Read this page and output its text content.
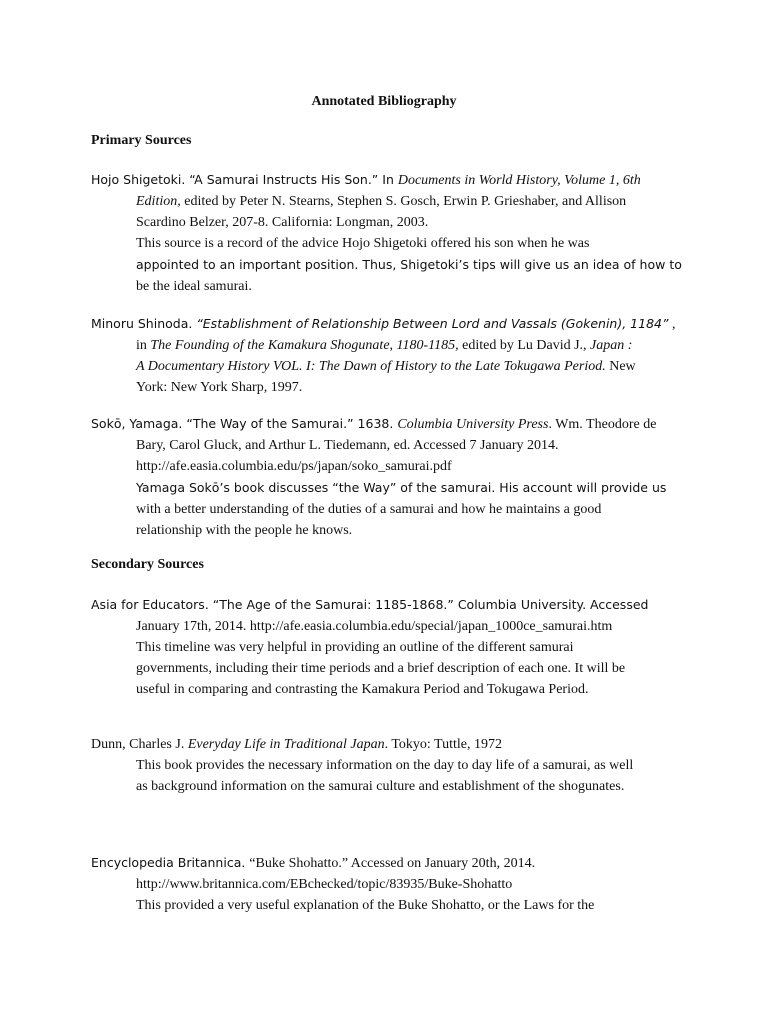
Annotated Bibliography
Primary Sources
Hojo Shigetoki. “A Samurai Instructs His Son.” In Documents in World History, Volume 1, 6th
Edition, edited by Peter N. Stearns, Stephen S. Gosch, Erwin P. Grieshaber, and Allison
Scardino Belzer, 207-8. California: Longman, 2003.
This source is a record of the advice Hojo Shigetoki offered his son when he was
appointed to an important position. Thus, Shigetoki’s tips will give us an idea of how to
be the ideal samurai.
Minoru Shinoda. “Establishment of Relationship Between Lord and Vassals (Gokenin), 1184” ,
in The Founding of the Kamakura Shogunate, 1180-1185, edited by Lu David J., Japan :
A Documentary History VOL. I: The Dawn of History to the Late Tokugawa Period. New
York: New York Sharp, 1997.
Sokō, Yamaga. “The Way of the Samurai.” 1638. Columbia University Press. Wm. Theodore de
Bary, Carol Gluck, and Arthur L. Tiedemann, ed. Accessed 7 January 2014.
http://afe.easia.columbia.edu/ps/japan/soko_samurai.pdf
Yamaga Sokō’s book discusses “the Way” of the samurai. His account will provide us
with a better understanding of the duties of a samurai and how he maintains a good
relationship with the people he knows.
Secondary Sources
Asia for Educators. “The Age of the Samurai: 1185-1868.” Columbia University. Accessed
January 17th, 2014. http://afe.easia.columbia.edu/special/japan_1000ce_samurai.htm
This timeline was very helpful in providing an outline of the different samurai
governments, including their time periods and a brief description of each one. It will be
useful in comparing and contrasting the Kamakura Period and Tokugawa Period.
Dunn, Charles J. Everyday Life in Traditional Japan. Tokyo: Tuttle, 1972
This book provides the necessary information on the day to day life of a samurai, as well
as background information on the samurai culture and establishment of the shogunates.
Encyclopedia Britannica. “Buke Shohatto.” Accessed on January 20th, 2014.
http://www.britannica.com/EBchecked/topic/83935/Buke-Shohatto
This provided a very useful explanation of the Buke Shohatto, or the Laws for the
